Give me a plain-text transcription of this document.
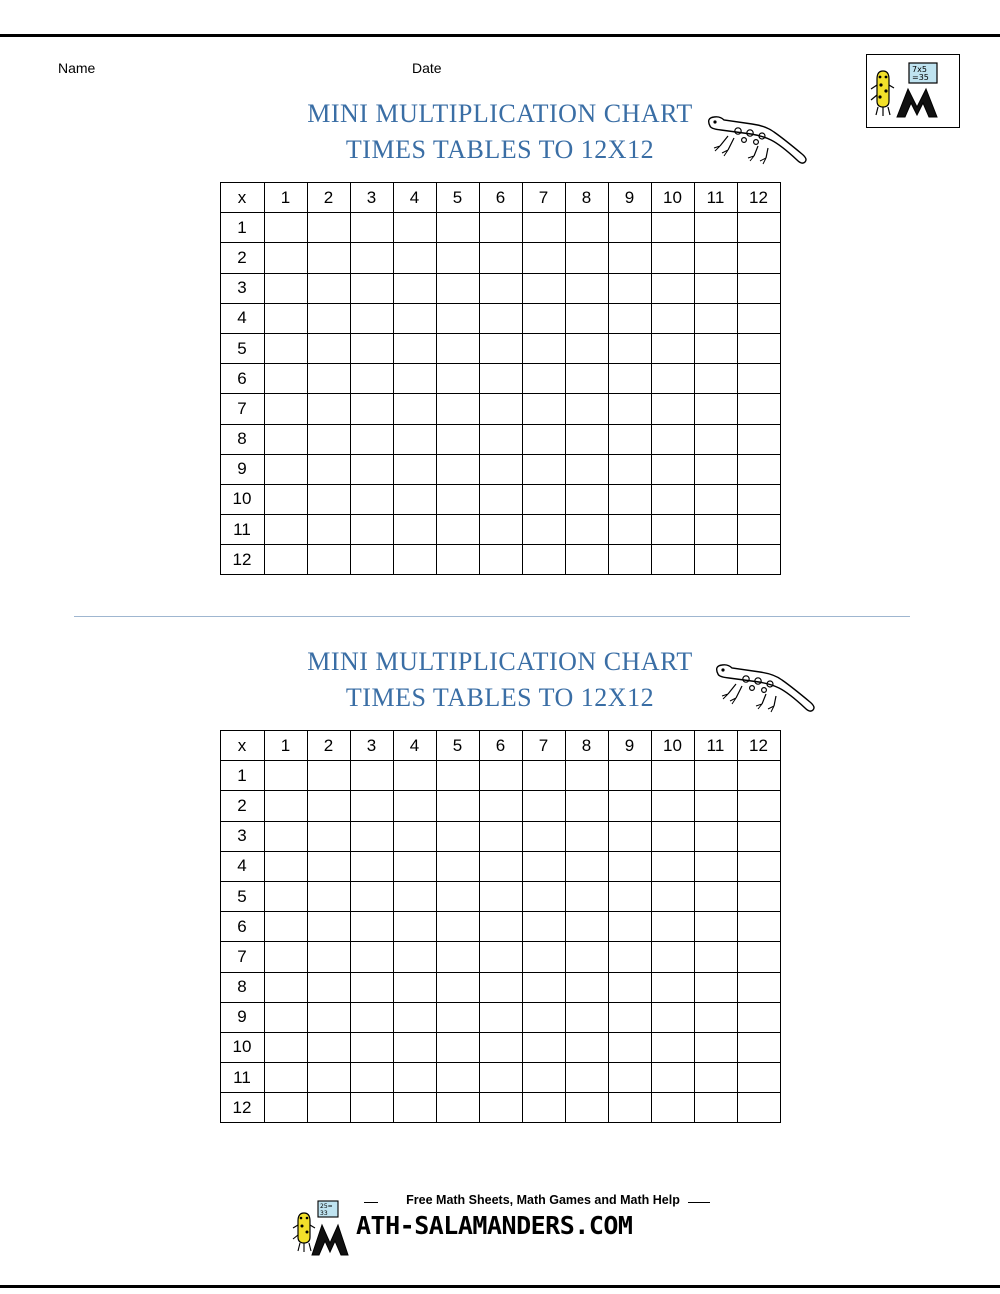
Name	Date	7x5
=35
MINI MULTIPLICATION CHART
TIMES TABLES TO 12X12
x	1	2	3	4	5	6	7	8	9	10	11	12
1												
2												
3												
4												
5												
6												
7												
8												
9												
10												
11												
12												
MINI MULTIPLICATION CHART
TIMES TABLES TO 12X12
x	1	2	3	4	5	6	7	8	9	10	11	12
1												
2												
3												
4												
5												
6												
7												
8												
9												
10												
11												
12												
25=
33
Free Math Sheets, Math Games and Math Help
ATH-SALAMANDERS.COM
